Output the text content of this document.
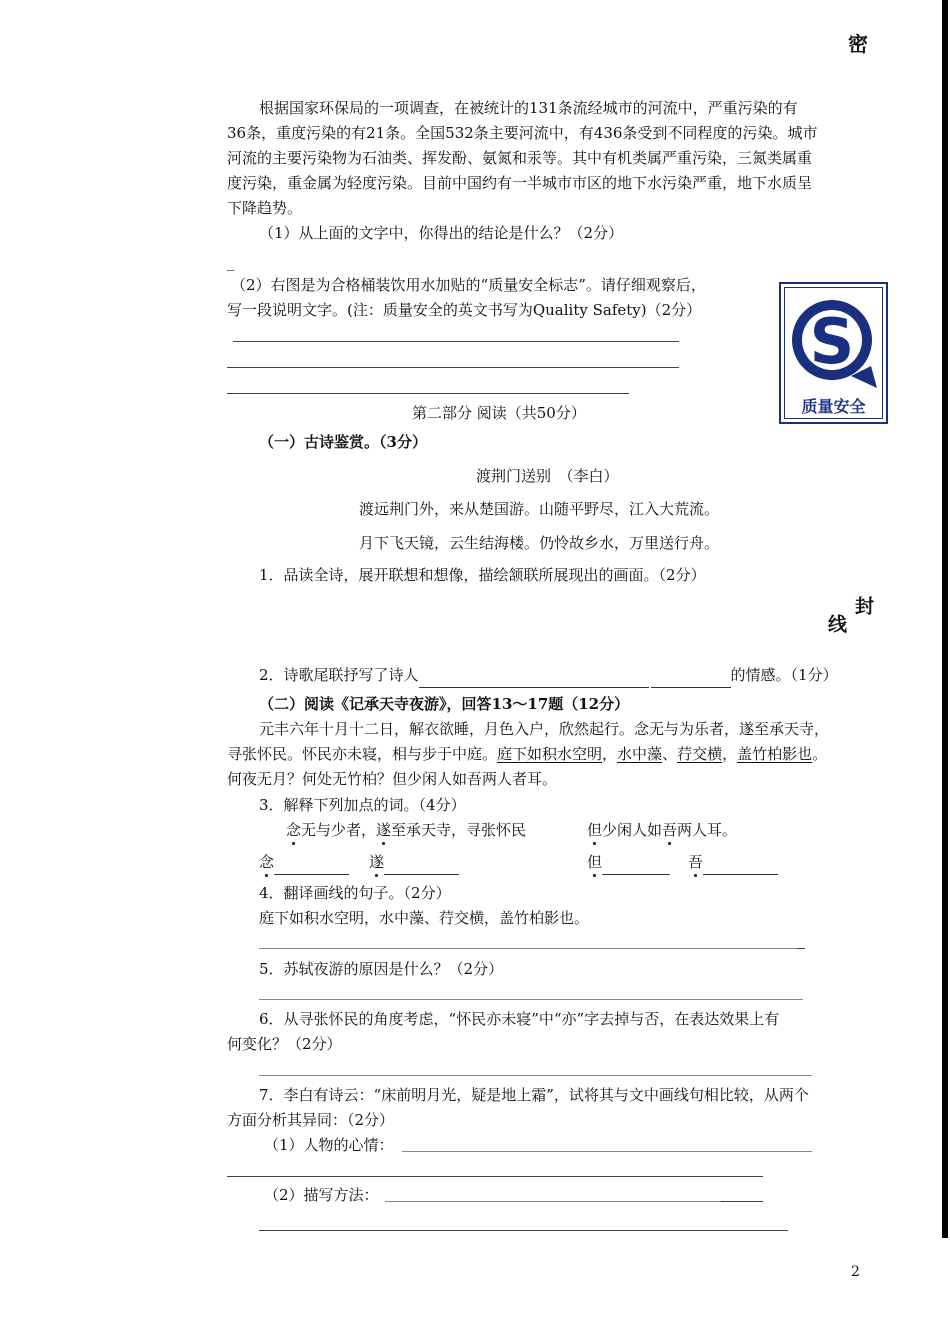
密
封
线
根据国家环保局的一项调查，在被统计的131条流经城市的河流中，严重污染的有
36条，重度污染的有21条。全国532条主要河流中，有436条受到不同程度的污染。城市
河流的主要污染物为石油类、挥发酚、氨氮和汞等。其中有机类属严重污染，三氮类属重
度污染，重金属为轻度污染。目前中国约有一半城市市区的地下水污染严重，地下水质呈
下降趋势。
（1）从上面的文字中，你得出的结论是什么？（2分）
_
（2）右图是为合格桶装饮用水加贴的“质量安全标志”。请仔细观察后，
写一段说明文字。(注：质量安全的英文书写为Quality Safety)（2分） S
质量安全
第二部分 阅读（共50分）
（一）古诗鉴赏。（3分）
渡荆门送别　（李白）
渡远荆门外，来从楚国游。山随平野尽，江入大荒流。
月下飞天镜，云生结海楼。仍怜故乡水，万里送行舟。
1．品读全诗，展开联想和想像，描绘颔联所展现出的画面。（2分）
2．诗歌尾联抒写了诗人	的情感。（1分）
（二）阅读《记承天寺夜游》，回答13～17题（12分）
元丰六年十月十二日，解衣欲睡，月色入户，欣然起行。念无与为乐者，遂至承天寺，
寻张怀民。怀民亦未寝，相与步于中庭。庭下如积水空明，水中藻、荇交横，盖竹柏影也。
何夜无月？何处无竹柏？但少闲人如吾两人者耳。
3．解释下列加点的词。（4分）
念无与少者，遂至承天寺，寻张怀民	但少闲人如吾两人耳。
念	遂	但	吾
4．翻译画线的句子。（2分）
庭下如积水空明，水中藻、荇交横，盖竹柏影也。
5．苏轼夜游的原因是什么？（2分）
6．从寻张怀民的角度考虑，“怀民亦未寝”中“亦”字去掉与否，在表达效果上有
何变化？（2分）
7．李白有诗云：“床前明月光，疑是地上霜”，试将其与文中画线句相比较，从两个
方面分析其异同：（2分）
（1）人物的心情：
（2）描写方法：
2
